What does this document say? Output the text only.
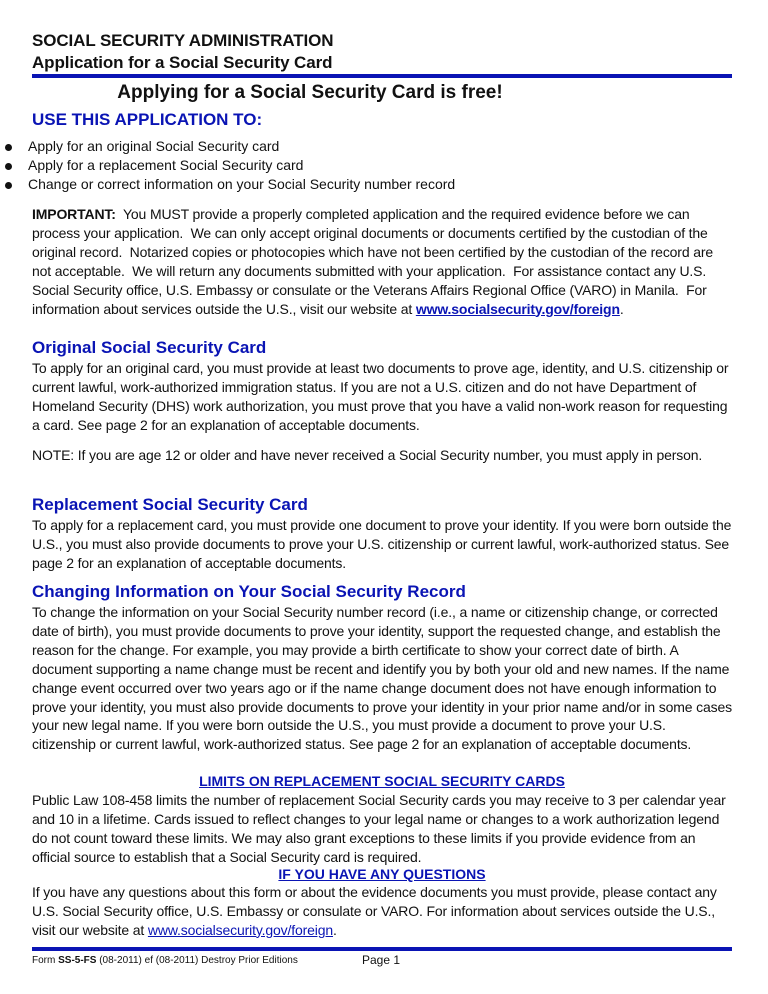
SOCIAL SECURITY ADMINISTRATION
Application for a Social Security Card
Applying for a Social Security Card is free!
USE THIS APPLICATION TO:
Apply for an original Social Security card
Apply for a replacement Social Security card
Change or correct information on your Social Security number record
IMPORTANT:  You MUST provide a properly completed application and the required evidence before we can process your application.  We can only accept original documents or documents certified by the custodian of the original record.  Notarized copies or photocopies which have not been certified by the custodian of the record are not acceptable.  We will return any documents submitted with your application.  For assistance contact any U.S. Social Security office, U.S. Embassy or consulate or the Veterans Affairs Regional Office (VARO) in Manila.  For information about services outside the U.S., visit our website at www.socialsecurity.gov/foreign.
Original Social Security Card
To apply for an original card, you must provide at least two documents to prove age, identity, and U.S. citizenship or current lawful, work-authorized immigration status. If you are not a U.S. citizen and do not have Department of Homeland Security (DHS) work authorization, you must prove that you have a valid non-work reason for requesting a card. See page 2 for an explanation of acceptable documents.
NOTE: If you are age 12 or older and have never received a Social Security number, you must apply in person.
Replacement Social Security Card
To apply for a replacement card, you must provide one document to prove your identity. If you were born outside the U.S., you must also provide documents to prove your U.S. citizenship or current lawful, work-authorized status. See page 2 for an explanation of acceptable documents.
Changing Information on Your Social Security Record
To change the information on your Social Security number record (i.e., a name or citizenship change, or corrected date of birth), you must provide documents to prove your identity, support the requested change, and establish the reason for the change. For example, you may provide a birth certificate to show your correct date of birth. A document supporting a name change must be recent and identify you by both your old and new names. If the name change event occurred over two years ago or if the name change document does not have enough information to prove your identity, you must also provide documents to prove your identity in your prior name and/or in some cases your new legal name. If you were born outside the U.S., you must provide a document to prove your U.S. citizenship or current lawful, work-authorized status. See page 2 for an explanation of acceptable documents.
LIMITS ON REPLACEMENT SOCIAL SECURITY CARDS
Public Law 108-458 limits the number of replacement Social Security cards you may receive to 3 per calendar year and 10 in a lifetime. Cards issued to reflect changes to your legal name or changes to a work authorization legend do not count toward these limits. We may also grant exceptions to these limits if you provide evidence from an official source to establish that a Social Security card is required.
IF YOU HAVE ANY QUESTIONS
If you have any questions about this form or about the evidence documents you must provide, please contact any U.S. Social Security office, U.S. Embassy or consulate or VARO. For information about services outside the U.S., visit our website at www.socialsecurity.gov/foreign.
Form SS-5-FS (08-2011) ef (08-2011) Destroy Prior Editions	Page 1
